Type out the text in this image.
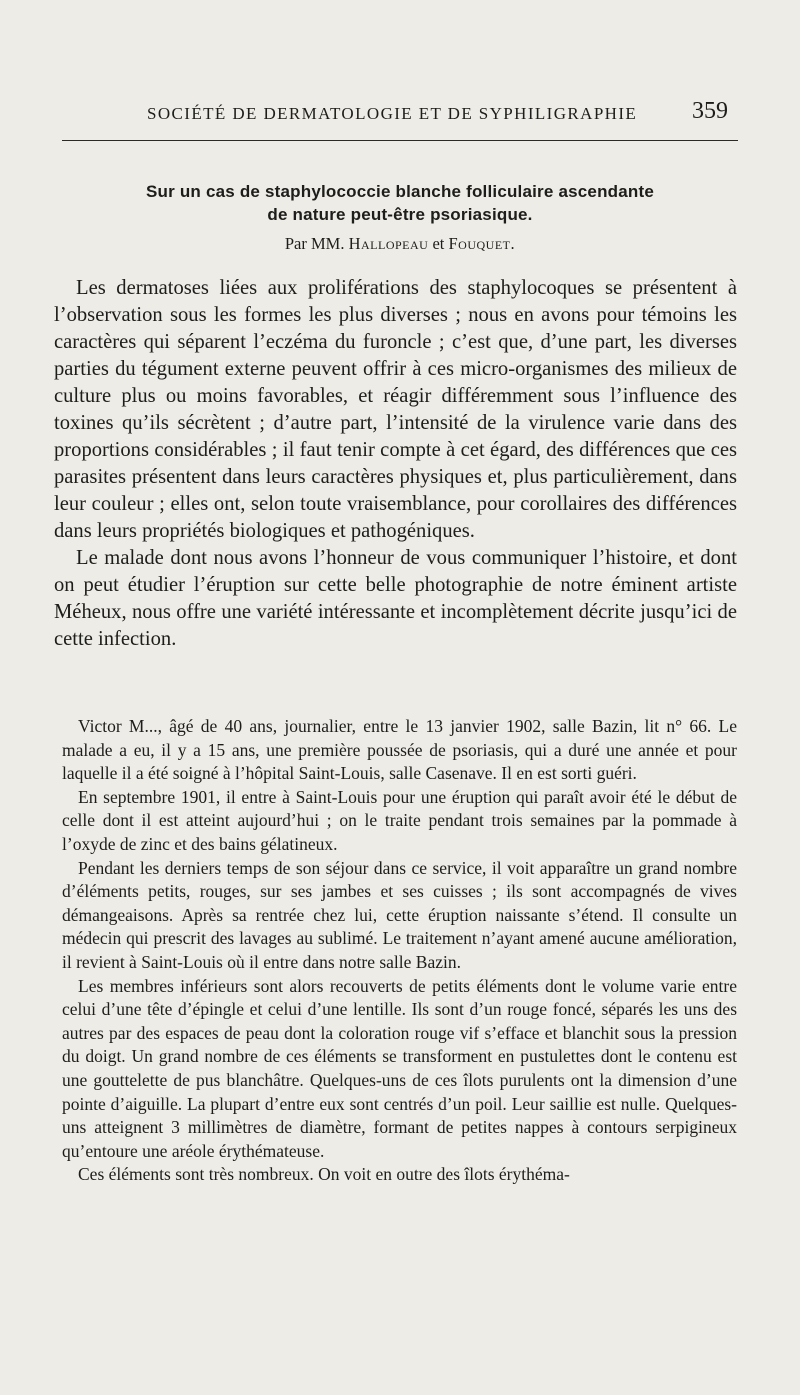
SOCIÉTÉ DE DERMATOLOGIE ET DE SYPHILIGRAPHIE 359
Sur un cas de staphylococcie blanche folliculaire ascendante
de nature peut-être psoriasique.
Par MM. Hallopeau et Fouquet.

Les dermatoses liées aux proliférations des staphylocoques se présentent à l’observation sous les formes les plus diverses ; nous en avons pour témoins les caractères qui séparent l’eczéma du furoncle ; c’est que, d’une part, les diverses parties du tégument externe peuvent offrir à ces micro-organismes des milieux de culture plus ou moins favorables, et réagir différemment sous l’influence des toxines qu’ils sécrètent ; d’autre part, l’intensité de la virulence varie dans des proportions considérables ; il faut tenir compte à cet égard, des différences que ces parasites présentent dans leurs caractères physiques et, plus particulièrement, dans leur couleur ; elles ont, selon toute vraisemblance, pour corollaires des différences dans leurs propriétés biologiques et pathogéniques.

Le malade dont nous avons l’honneur de vous communiquer l’histoire, et dont on peut étudier l’éruption sur cette belle photographie de notre éminent artiste Méheux, nous offre une variété intéressante et incomplètement décrite jusqu’ici de cette infection.

Victor M..., âgé de 40 ans, journalier, entre le 13 janvier 1902, salle Bazin, lit n° 66. Le malade a eu, il y a 15 ans, une première poussée de psoriasis, qui a duré une année et pour laquelle il a été soigné à l’hôpital Saint-Louis, salle Casenave. Il en est sorti guéri.

En septembre 1901, il entre à Saint-Louis pour une éruption qui paraît avoir été le début de celle dont il est atteint aujourd’hui ; on le traite pendant trois semaines par la pommade à l’oxyde de zinc et des bains gélatineux.

Pendant les derniers temps de son séjour dans ce service, il voit apparaître un grand nombre d’éléments petits, rouges, sur ses jambes et ses cuisses ; ils sont accompagnés de vives démangeaisons. Après sa rentrée chez lui, cette éruption naissante s’étend. Il consulte un médecin qui prescrit des lavages au sublimé. Le traitement n’ayant amené aucune amélioration, il revient à Saint-Louis où il entre dans notre salle Bazin.

Les membres inférieurs sont alors recouverts de petits éléments dont le volume varie entre celui d’une tête d’épingle et celui d’une lentille. Ils sont d’un rouge foncé, séparés les uns des autres par des espaces de peau dont la coloration rouge vif s’efface et blanchit sous la pression du doigt. Un grand nombre de ces éléments se transforment en pustulettes dont le contenu est une gouttelette de pus blanchâtre. Quelques-uns de ces îlots purulents ont la dimension d’une pointe d’aiguille. La plupart d’entre eux sont centrés d’un poil. Leur saillie est nulle. Quelques-uns atteignent 3 millimètres de diamètre, formant de petites nappes à contours serpigineux qu’entoure une aréole érythémateuse.

Ces éléments sont très nombreux. On voit en outre des îlots érythéma-
